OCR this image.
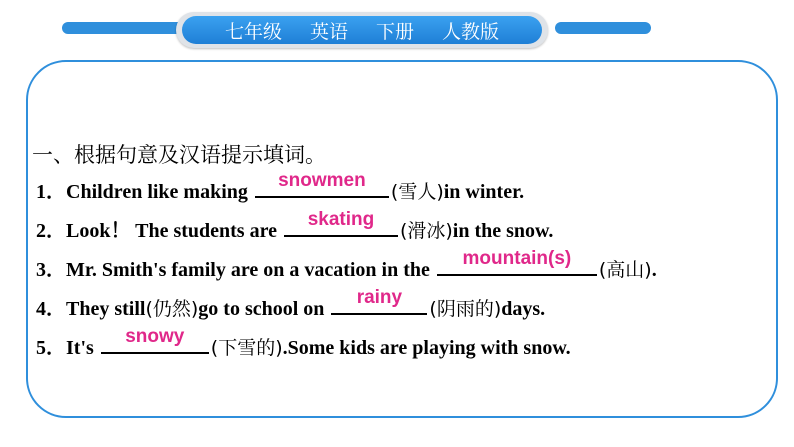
七年级 英语 下册 人教版
一、根据句意及汉语提示填词。
1．Children like making
snowmen
(雪人)in winter.
2．Look！ The students are
skating
(滑冰)in the snow.
3．Mr. Smith's family are on a vacation in the
mountain(s)
(高山).
4．They still(仍然)go to school on
rainy
(阴雨的)days.
5．It's
snowy
(下雪的).Some kids are playing with snow.
